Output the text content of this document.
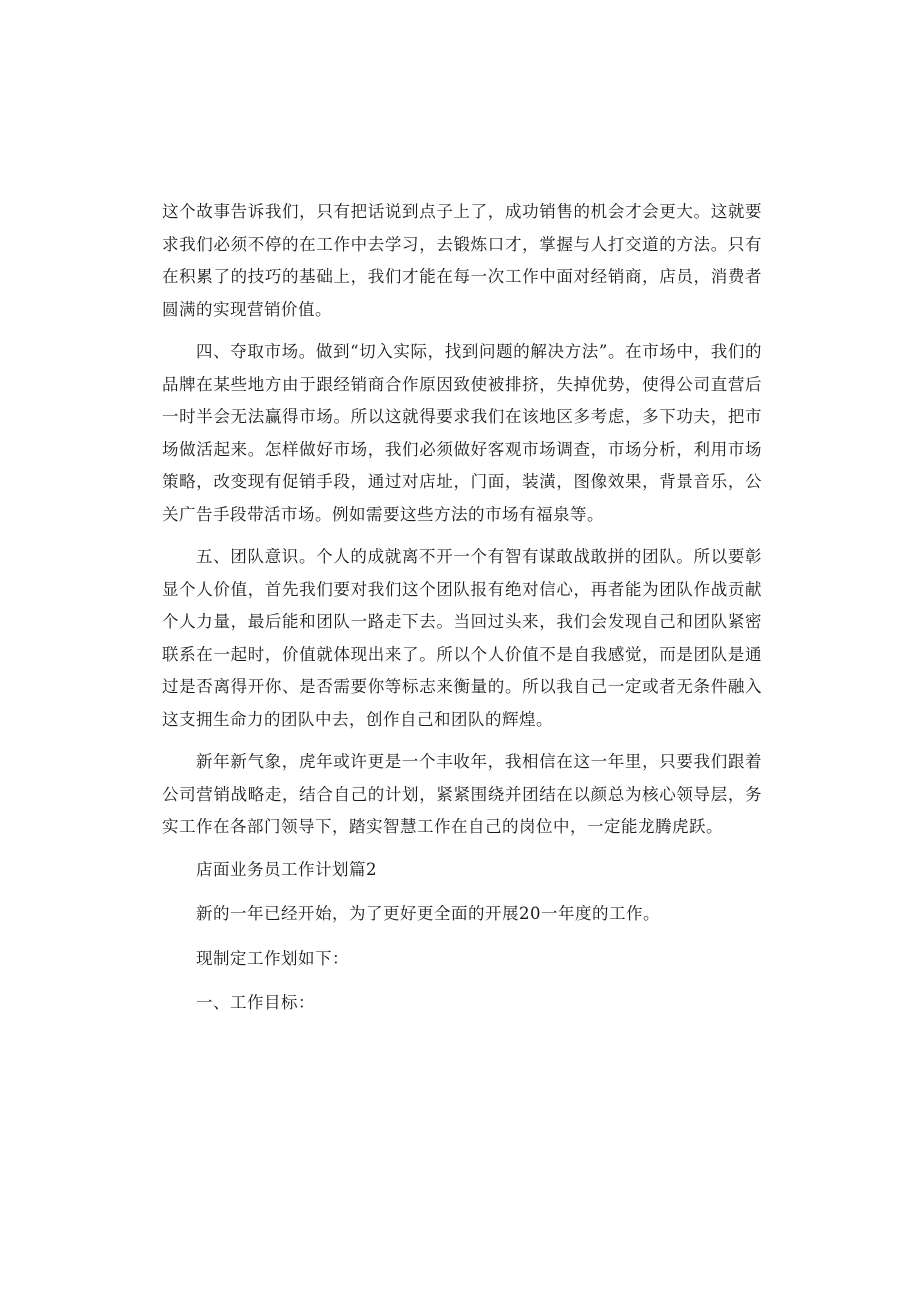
这个故事告诉我们，只有把话说到点子上了，成功销售的机会才会更大。这就要求我们必须不停的在工作中去学习，去锻炼口才，掌握与人打交道的方法。只有在积累了的技巧的基础上，我们才能在每一次工作中面对经销商，店员，消费者圆满的实现营销价值。

四、夺取市场。做到“切入实际，找到问题的解决方法”。在市场中，我们的品牌在某些地方由于跟经销商合作原因致使被排挤，失掉优势，使得公司直营后一时半会无法赢得市场。所以这就得要求我们在该地区多考虑，多下功夫，把市场做活起来。怎样做好市场，我们必须做好客观市场调查，市场分析，利用市场策略，改变现有促销手段，通过对店址，门面，装潢，图像效果，背景音乐，公关广告手段带活市场。例如需要这些方法的市场有福泉等。

五、团队意识。个人的成就离不开一个有智有谋敢战敢拼的团队。所以要彰显个人价值，首先我们要对我们这个团队报有绝对信心，再者能为团队作战贡献个人力量，最后能和团队一路走下去。当回过头来，我们会发现自己和团队紧密联系在一起时，价值就体现出来了。所以个人价值不是自我感觉，而是团队是通过是否离得开你、是否需要你等标志来衡量的。所以我自己一定或者无条件融入这支拥生命力的团队中去，创作自己和团队的辉煌。

新年新气象，虎年或许更是一个丰收年，我相信在这一年里，只要我们跟着公司营销战略走，结合自己的计划，紧紧围绕并团结在以颜总为核心领导层，务实工作在各部门领导下，踏实智慧工作在自己的岗位中，一定能龙腾虎跃。

店面业务员工作计划篇2

新的一年已经开始，为了更好更全面的开展20一年度的工作。

现制定工作划如下：

一、工作目标：
